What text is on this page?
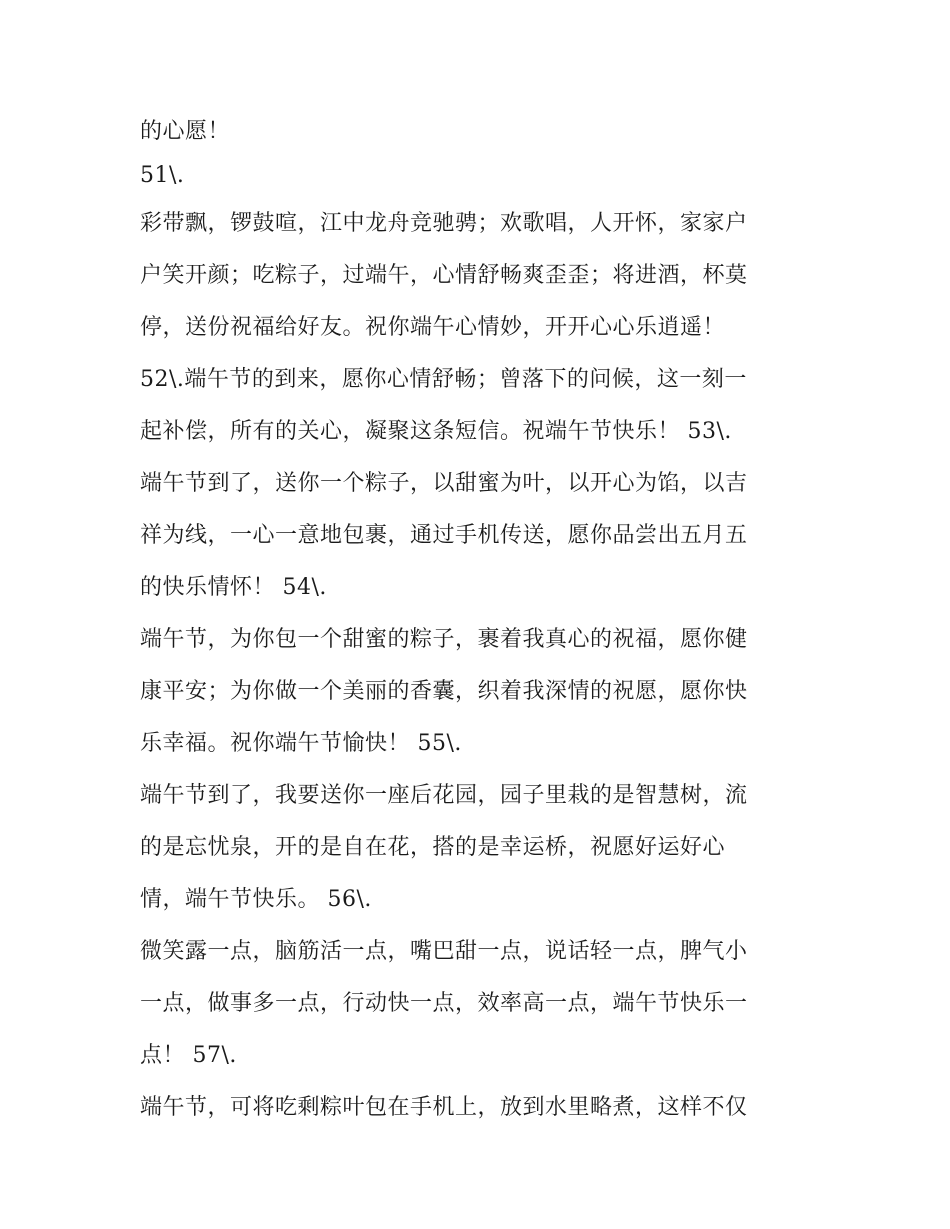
的心愿！
51\.
彩带飘，锣鼓喧，江中龙舟竞驰骋；欢歌唱，人开怀，家家户
户笑开颜；吃粽子，过端午，心情舒畅爽歪歪；将进酒，杯莫
停，送份祝福给好友。祝你端午心情妙，开开心心乐逍遥！
52\.端午节的到来，愿你心情舒畅；曾落下的问候，这一刻一
起补偿，所有的关心，凝聚这条短信。祝端午节快乐！ 53\.
端午节到了，送你一个粽子，以甜蜜为叶，以开心为馅，以吉
祥为线，一心一意地包裹，通过手机传送，愿你品尝出五月五
的快乐情怀！ 54\.
端午节，为你包一个甜蜜的粽子，裹着我真心的祝福，愿你健
康平安；为你做一个美丽的香囊，织着我深情的祝愿，愿你快
乐幸福。祝你端午节愉快！ 55\.
端午节到了，我要送你一座后花园，园子里栽的是智慧树，流
的是忘忧泉，开的是自在花，搭的是幸运桥，祝愿好运好心
情，端午节快乐。 56\.
微笑露一点，脑筋活一点，嘴巴甜一点，说话轻一点，脾气小
一点，做事多一点，行动快一点，效率高一点，端午节快乐一
点！ 57\.
端午节，可将吃剩粽叶包在手机上，放到水里略煮，这样不仅
